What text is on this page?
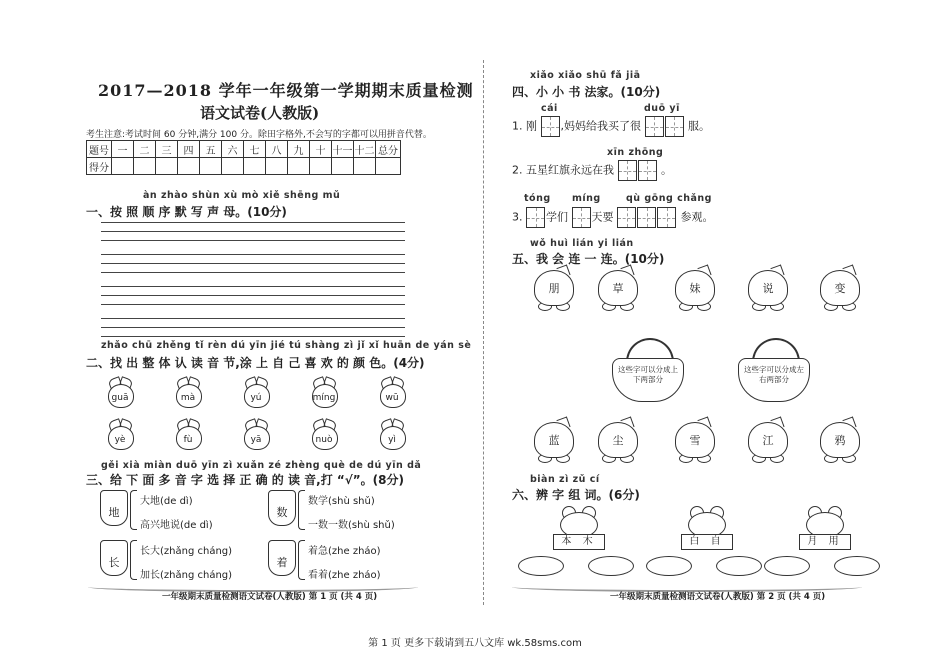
2017—2018 学年一年级第一学期期末质量检测
语文试卷(人教版)
考生注意:考试时间 60 分钟,满分 100 分。除田字格外,不会写的字都可以用拼音代替。
题号	一	二	三	四	五	六	七	八	九	十	十一	十二	总分
得分													
àn zhào shùn xù mò xiě shēng mǔ
一、按 照 顺 序 默 写 声 母。(10分)
zhǎo chū zhěng tǐ rèn dú yīn jié tú shàng zì jǐ xǐ huān de yán sè
二、找 出 整 体 认 读 音 节,涂 上 自 己 喜 欢 的 颜 色。(4分)
guā	mà	yú	míng	wū
yè	fù	yā	nuò	yì
gěi xià miàn duō yīn zì xuǎn zé zhèng què de dú yīn dǎ
三、给 下 面 多 音 字 选 择 正 确 的 读 音,打 “√”。(8分)
地
大地(de dì)
高兴地说(de dì)
数
数学(shù shǔ)
一数一数(shù shǔ)
长
长大(zhǎng cháng)
加长(zhǎng cháng)
着
着急(zhe zháo)
看着(zhe zháo)
一年级期末质量检测语文试卷(人教版) 第 1 页 (共 4 页)
xiǎo xiǎo shū fǎ jiā
四、小 小 书 法家。(10分)
cái	duō yī
1. 刚 ,妈妈给我买了很	服。
xīn zhōng
2. 五星红旗永远在我	。
tóng míng	qù gōng chǎng
3. 学们 天要	参观。
wǒ huì lián yi lián
五、我 会 连 一 连。(10分)
朋	草	妹	说	变
这些字可以分成上下两部分
这些字可以分成左右两部分
蓝	尘	雪	江	鸦
biàn zì zǔ cí
六、辨 字 组 词。(6分)
本 木	白 自	月 用
一年级期末质量检测语文试卷(人教版) 第 2 页 (共 4 页)
第 1 页 更多下载请到五八文库 wk.58sms.com
